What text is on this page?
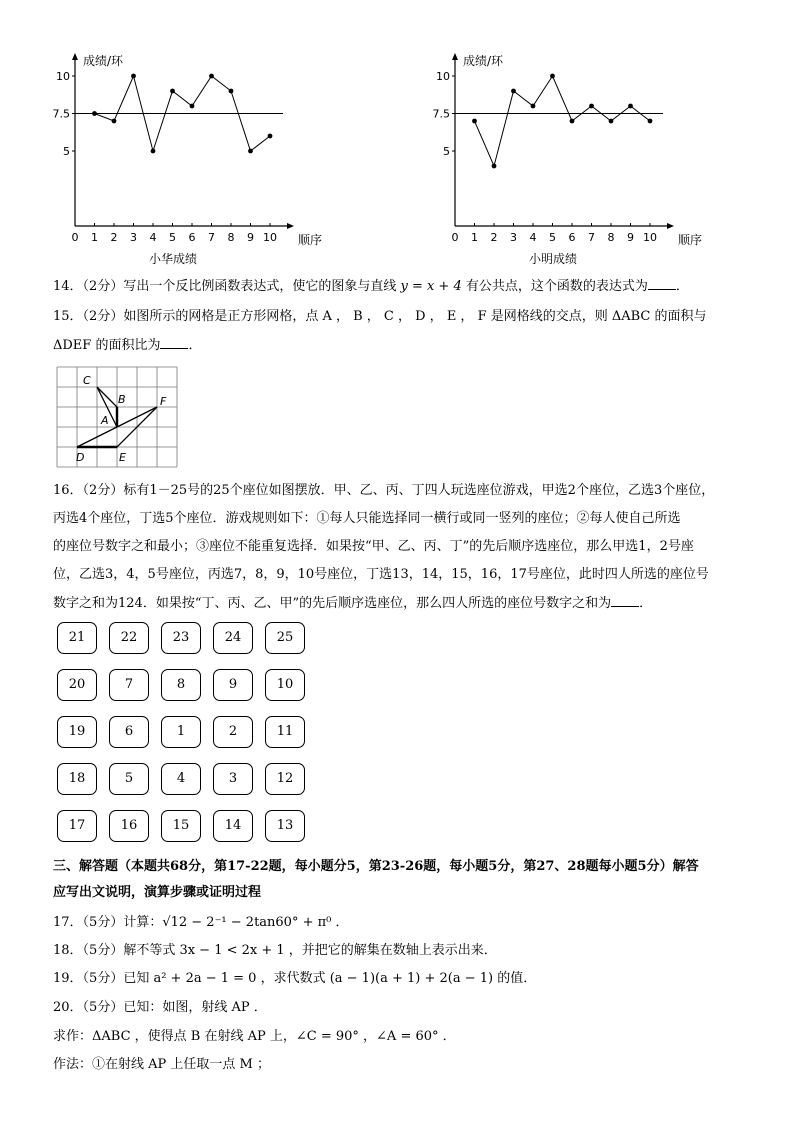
成绩/环
顺序
小华成绩
10
7.5
5
0 1 2 3 4 5 6 7 8 9 10
成绩/环
顺序
小明成绩
10
7.5
5
0 1 2 3 4 5 6 7 8 9 10
14．（2分）写出一个反比例函数表达式，使它的图象与直线 y = x + 4 有公共点，这个函数的表达式为 ．
15．（2分）如图所示的网格是正方形网格，点 A ， B ， C ， D ， E ， F 是网格线的交点，则 ΔABC 的面积与
ΔDEF 的面积比为 ．
C
B
A
F
D	E
16．（2分）标有1－25号的25个座位如图摆放．甲、乙、丙、丁四人玩选座位游戏，甲选2个座位，乙选3个座位，
丙选4个座位，丁选5个座位．游戏规则如下：①每人只能选择同一横行或同一竖列的座位；②每人使自己所选
的座位号数字之和最小；③座位不能重复选择．如果按“甲、乙、丙、丁”的先后顺序选座位，那么甲选1，2号座
位，乙选3，4，5号座位，丙选7，8，9，10号座位，丁选13，14，15，16，17号座位，此时四人所选的座位号
数字之和为124．如果按“丁、丙、乙、甲”的先后顺序选座位，那么四人所选的座位号数字之和为 ．
21	22	23	24	25
20	7	8	9	10
19	6	1	2	11
18	5	4	3	12
17	16	15	14	13
三、解答题（本题共68分，第17-22题，每小题分5，第23-26题，每小题5分，第27、28题每小题5分）解答
应写出文说明，演算步骤或证明过程
17．（5分）计算：√12 − 2⁻¹ − 2tan60° + π⁰ ．
18．（5分）解不等式 3x − 1 < 2x + 1 ，并把它的解集在数轴上表示出来．
19．（5分）已知 a² + 2a − 1 = 0 ，求代数式 (a − 1)(a + 1) + 2(a − 1) 的值．
20．（5分）已知：如图，射线 AP ．
求作：ΔABC ，使得点 B 在射线 AP 上，∠C = 90° ，∠A = 60° ．
作法：①在射线 AP 上任取一点 M ；
